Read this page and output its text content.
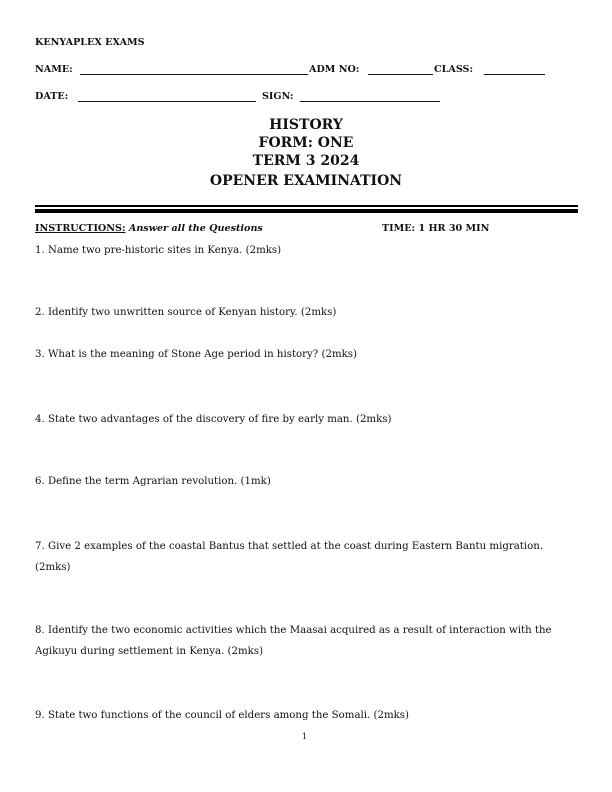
KENYAPLEX EXAMS
NAME:	ADM NO:	CLASS:
DATE:	SIGN:
HISTORY
FORM: ONE
TERM 3 2024
OPENER EXAMINATION
INSTRUCTIONS: Answer all the Questions	TIME: 1 HR 30 MIN
1. Name two pre-historic sites in Kenya. (2mks)
2. Identify two unwritten source of Kenyan history. (2mks)
3. What is the meaning of Stone Age period in history? (2mks)
4. State two advantages of the discovery of fire by early man. (2mks)
6. Define the term Agrarian revolution. (1mk)
7. Give 2 examples of the coastal Bantus that settled at the coast during Eastern Bantu migration. (2mks)
8. Identify the two economic activities which the Maasai acquired as a result of interaction with the Agikuyu during settlement in Kenya. (2mks)
9. State two functions of the council of elders among the Somali. (2mks)
1
